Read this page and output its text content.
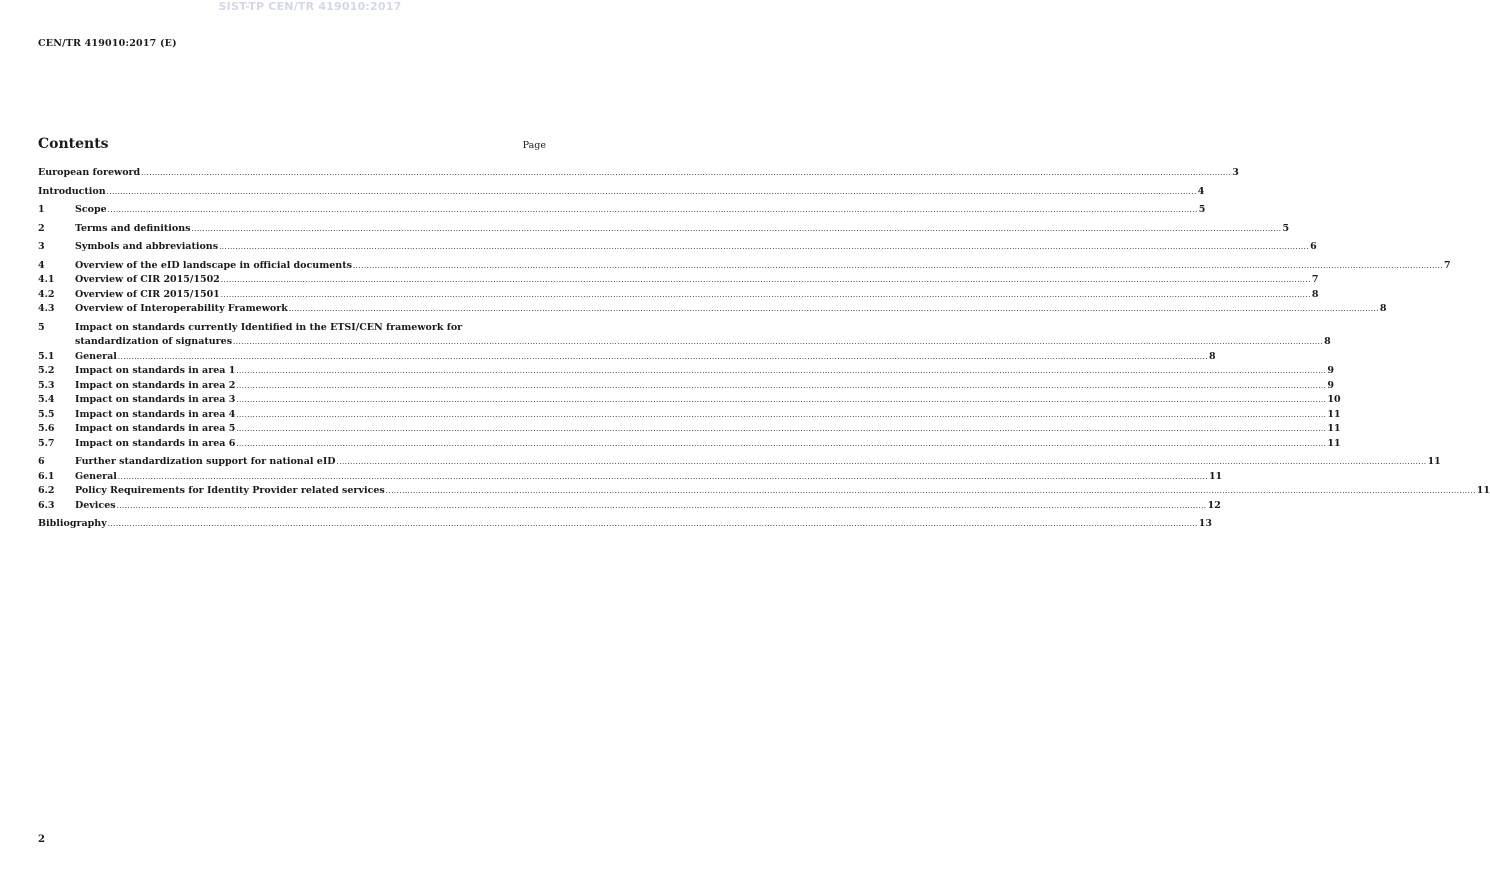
SIST-TP CEN/TR 419010:2017
CEN/TR 419010:2017 (E)
Contents	Page
European foreword ................................................................................................................................................................................................................................................................................................................................................................................................................ 3
Introduction ................................................................................................................................................................................................................................................................................................................................................................................................................ 4
1	Scope ................................................................................................................................................................................................................................................................................................................................................................................................................ 5
2	Terms and definitions ................................................................................................................................................................................................................................................................................................................................................................................................................ 5
3	Symbols and abbreviations ................................................................................................................................................................................................................................................................................................................................................................................................................ 6
4	Overview of the eID landscape in official documents ................................................................................................................................................................................................................................................................................................................................................................................................................ 7
4.1	Overview of CIR 2015/1502 ................................................................................................................................................................................................................................................................................................................................................................................................................ 7
4.2	Overview of CIR 2015/1501 ................................................................................................................................................................................................................................................................................................................................................................................................................ 8
4.3	Overview of Interoperability Framework ................................................................................................................................................................................................................................................................................................................................................................................................................ 8
5	Impact on standards currently Identified in the ETSI/CEN framework for
standardization of signatures ................................................................................................................................................................................................................................................................................................................................................................................................................ 8
5.1	General ................................................................................................................................................................................................................................................................................................................................................................................................................ 8
5.2	Impact on standards in area 1 ................................................................................................................................................................................................................................................................................................................................................................................................................ 9
5.3	Impact on standards in area 2 ................................................................................................................................................................................................................................................................................................................................................................................................................ 9
5.4	Impact on standards in area 3 ................................................................................................................................................................................................................................................................................................................................................................................................................ 10
5.5	Impact on standards in area 4 ................................................................................................................................................................................................................................................................................................................................................................................................................ 11
5.6	Impact on standards in area 5 ................................................................................................................................................................................................................................................................................................................................................................................................................ 11
5.7	Impact on standards in area 6 ................................................................................................................................................................................................................................................................................................................................................................................................................ 11
6	Further standardization support for national eID ................................................................................................................................................................................................................................................................................................................................................................................................................ 11
6.1	General ................................................................................................................................................................................................................................................................................................................................................................................................................ 11
6.2	Policy Requirements for Identity Provider related services ................................................................................................................................................................................................................................................................................................................................................................................................................ 11
6.3	Devices ................................................................................................................................................................................................................................................................................................................................................................................................................ 12
Bibliography ................................................................................................................................................................................................................................................................................................................................................................................................................ 13
2
